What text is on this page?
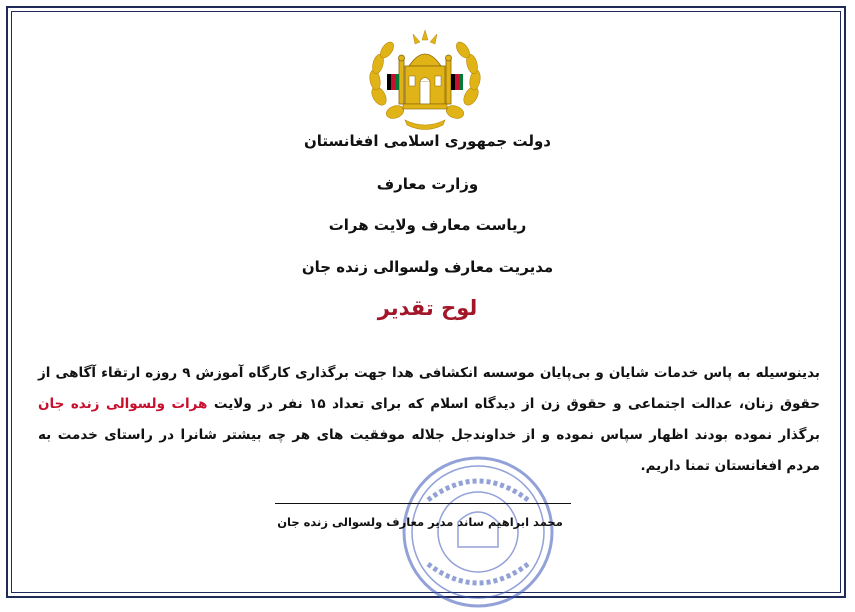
دولت جمهوری اسلامی افغانستان
وزارت معارف
ریاست معارف ولایت هرات
مدیریت معارف ولسوالی زنده جان
لوح تقدیر
بدینوسیله به پاس خدمات شایان و بی‌پایان موسسه انکشافی هدا جهت برگذاری کارگاه آموزش ۹ روزه ارتقاء آگاهی از حقوق زنان، عدالت اجتماعی و حقوق زن از دیدگاه اسلام که برای تعداد ۱۵ نفر در ولایت هرات ولسوالی زنده جان برگذار نموده بودند اظهار سپاس نموده و از خداوندجل جلاله موفقیت های هر چه بیشتر شانرا در راستای خدمت به مردم افغانستان تمنا داریم.
محمد ابراهیم ساند مدیر معارف ولسوالی زنده جان
